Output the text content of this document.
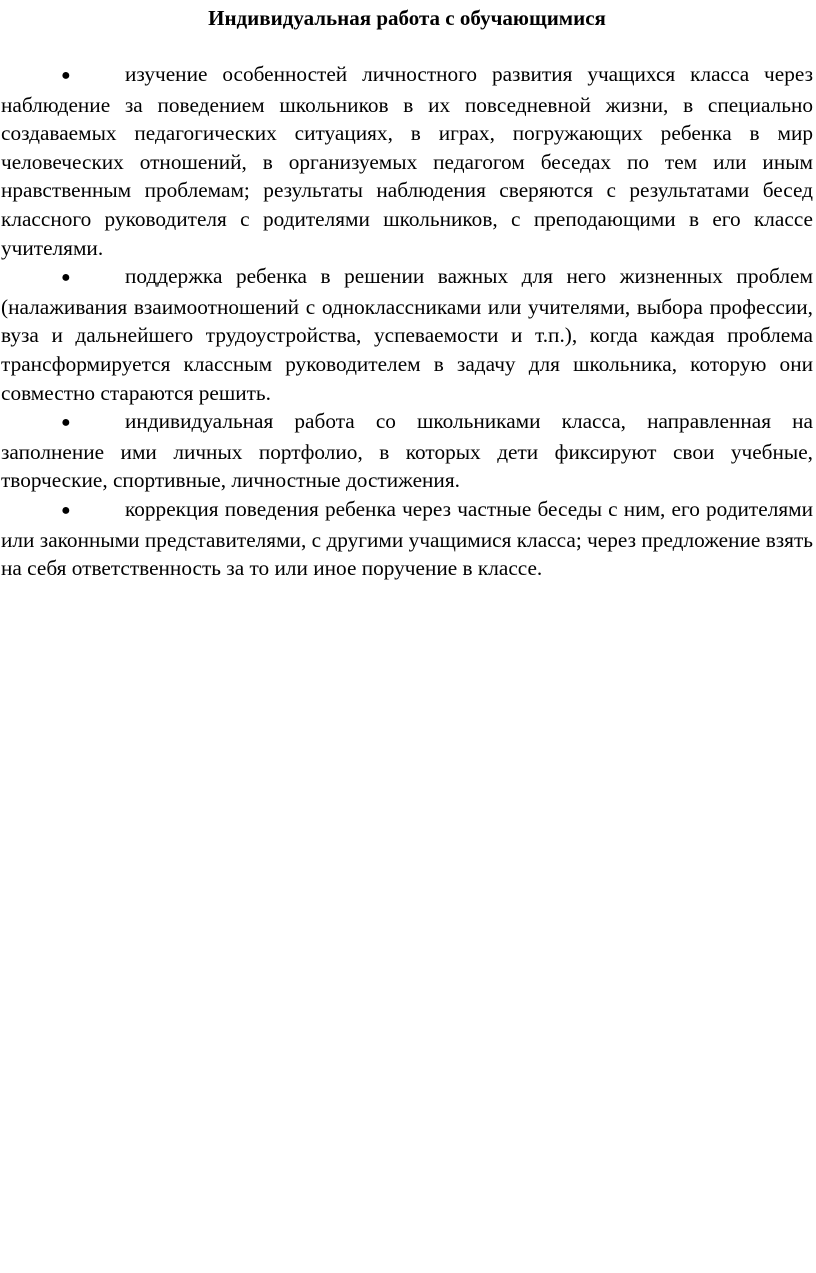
Индивидуальная работа с обучающимися
●	изучение особенностей личностного развития учащихся класса через наблюдение за поведением школьников в их повседневной жизни, в специально создаваемых педагогических ситуациях, в играх, погружающих ребенка в мир человеческих отношений, в организуемых педагогом беседах по тем или иным нравственным проблемам; результаты наблюдения сверяются с результатами бесед классного руководителя с родителями школьников, с преподающими в его классе учителями.
●	поддержка ребенка в решении важных для него жизненных проблем (налаживания взаимоотношений с одноклассниками или учителями, выбора профессии, вуза и дальнейшего трудоустройства, успеваемости и т.п.), когда каждая проблема трансформируется классным руководителем в задачу для школьника, которую они совместно стараются решить.
●	индивидуальная работа со школьниками класса, направленная на заполнение ими личных портфолио, в которых дети фиксируют свои учебные, творческие, спортивные, личностные достижения.
●	коррекция поведения ребенка через частные беседы с ним, его родителями или законными представителями, с другими учащимися класса; через предложение взять на себя ответственность за то или иное поручение в классе.
